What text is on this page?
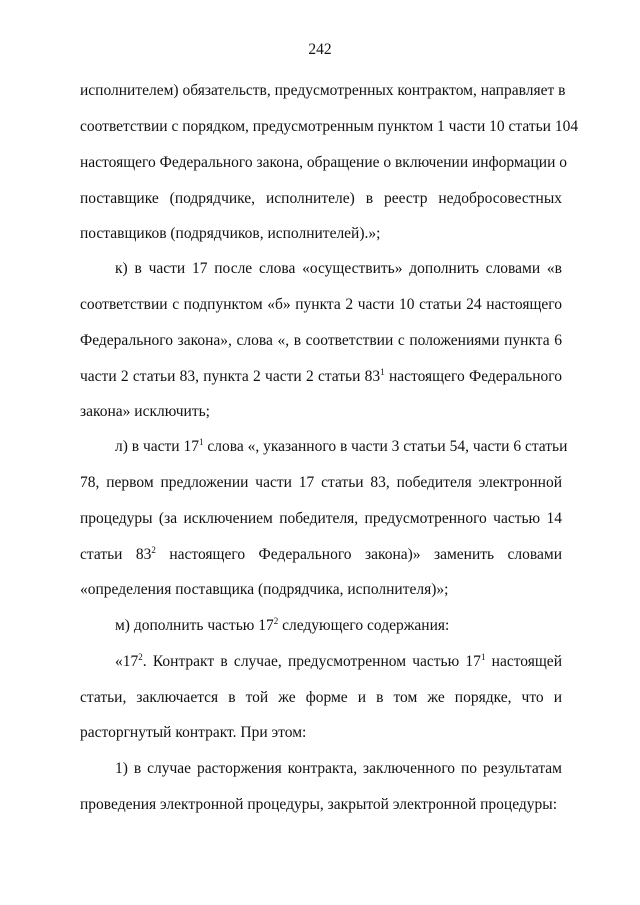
242
исполнителем) обязательств, предусмотренных контрактом, направляет в
соответствии с порядком, предусмотренным пунктом 1 части 10 статьи 104
настоящего Федерального закона, обращение о включении информации о
поставщике (подрядчике, исполнителе) в реестр недобросовестных
поставщиков (подрядчиков, исполнителей).»;
к) в части 17 после слова «осуществить» дополнить словами «в
соответствии с подпунктом «б» пункта 2 части 10 статьи 24 настоящего
Федерального закона», слова «, в соответствии с положениями пункта 6
части 2 статьи 83, пункта 2 части 2 статьи $83^1$ настоящего Федерального
закона» исключить;
л) в части $17^1$ слова «, указанного в части 3 статьи 54, части 6 статьи
78, первом предложении части 17 статьи 83, победителя электронной
процедуры (за исключением победителя, предусмотренного частью 14
статьи $83^2$ настоящего Федерального закона)» заменить словами
«определения поставщика (подрядчика, исполнителя)»;
м) дополнить частью $17^2$ следующего содержания:
«$17^2$. Контракт в случае, предусмотренном частью $17^1$ настоящей
статьи, заключается в той же форме и в том же порядке, что и
расторгнутый контракт. При этом:
1) в случае расторжения контракта, заключенного по результатам
проведения электронной процедуры, закрытой электронной процедуры:
